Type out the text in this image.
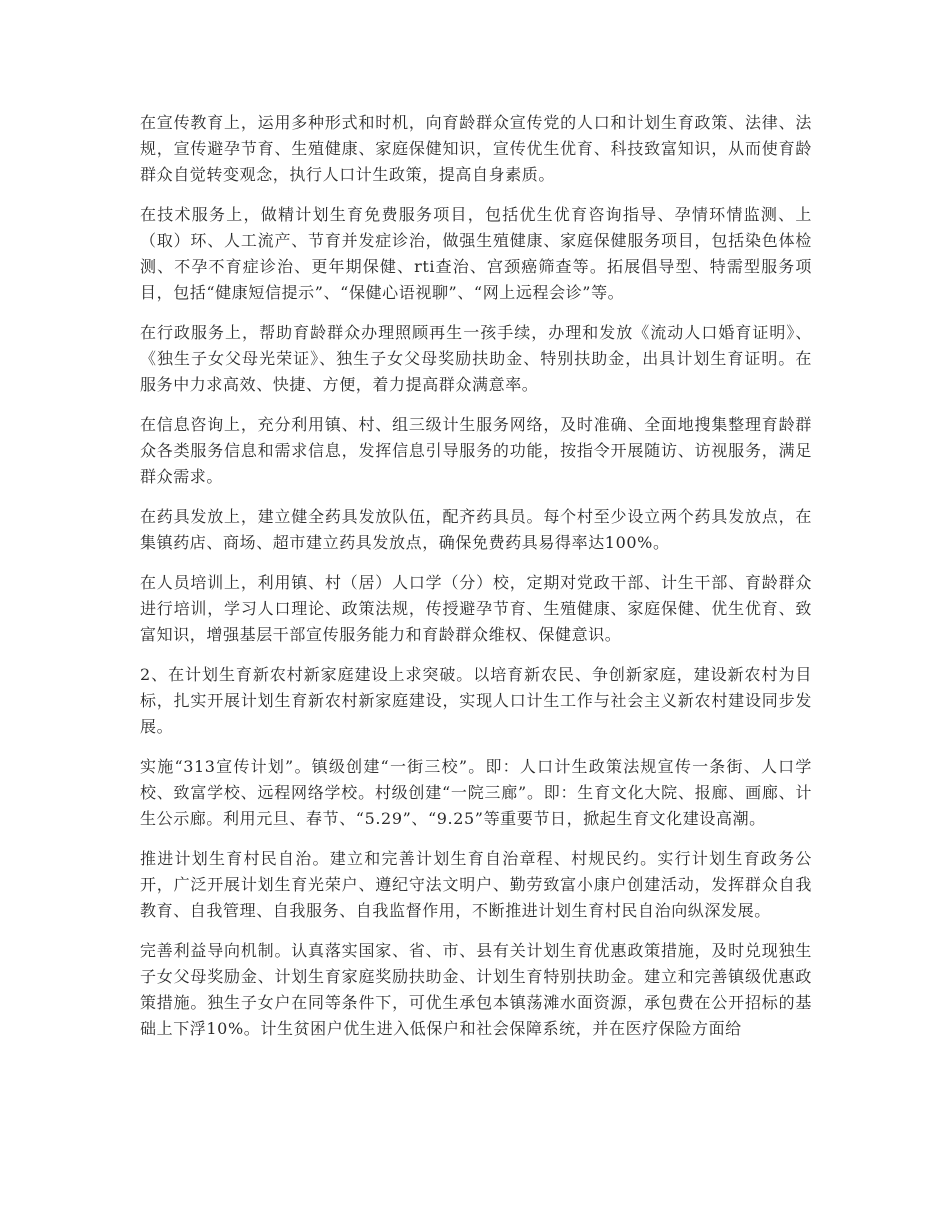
在宣传教育上，运用多种形式和时机，向育龄群众宣传党的人口和计划生育政策、法律、法规，宣传避孕节育、生殖健康、家庭保健知识，宣传优生优育、科技致富知识，从而使育龄群众自觉转变观念，执行人口计生政策，提高自身素质。

在技术服务上，做精计划生育免费服务项目，包括优生优育咨询指导、孕情环情监测、上（取）环、人工流产、节育并发症诊治，做强生殖健康、家庭保健服务项目，包括染色体检测、不孕不育症诊治、更年期保健、rti查治、宫颈癌筛查等。拓展倡导型、特需型服务项目，包括“健康短信提示”、“保健心语视聊”、“网上远程会诊”等。

在行政服务上，帮助育龄群众办理照顾再生一孩手续，办理和发放《流动人口婚育证明》、《独生子女父母光荣证》、独生子女父母奖励扶助金、特别扶助金，出具计划生育证明。在服务中力求高效、快捷、方便，着力提高群众满意率。

在信息咨询上，充分利用镇、村、组三级计生服务网络，及时准确、全面地搜集整理育龄群众各类服务信息和需求信息，发挥信息引导服务的功能，按指令开展随访、访视服务，满足群众需求。

在药具发放上，建立健全药具发放队伍，配齐药具员。每个村至少设立两个药具发放点，在集镇药店、商场、超市建立药具发放点，确保免费药具易得率达100%。

在人员培训上，利用镇、村（居）人口学（分）校，定期对党政干部、计生干部、育龄群众进行培训，学习人口理论、政策法规，传授避孕节育、生殖健康、家庭保健、优生优育、致富知识，增强基层干部宣传服务能力和育龄群众维权、保健意识。

2、在计划生育新农村新家庭建设上求突破。以培育新农民、争创新家庭，建设新农村为目标，扎实开展计划生育新农村新家庭建设，实现人口计生工作与社会主义新农村建设同步发展。

实施“313宣传计划”。镇级创建“一街三校”。即：人口计生政策法规宣传一条街、人口学校、致富学校、远程网络学校。村级创建“一院三廊”。即：生育文化大院、报廊、画廊、计生公示廊。利用元旦、春节、“5.29”、“9.25”等重要节日，掀起生育文化建设高潮。

推进计划生育村民自治。建立和完善计划生育自治章程、村规民约。实行计划生育政务公开，广泛开展计划生育光荣户、遵纪守法文明户、勤劳致富小康户创建活动，发挥群众自我教育、自我管理、自我服务、自我监督作用，不断推进计划生育村民自治向纵深发展。

完善利益导向机制。认真落实国家、省、市、县有关计划生育优惠政策措施，及时兑现独生子女父母奖励金、计划生育家庭奖励扶助金、计划生育特别扶助金。建立和完善镇级优惠政策措施。独生子女户在同等条件下，可优生承包本镇荡滩水面资源，承包费在公开招标的基础上下浮10%。计生贫困户优生进入低保户和社会保障系统，并在医疗保险方面给
